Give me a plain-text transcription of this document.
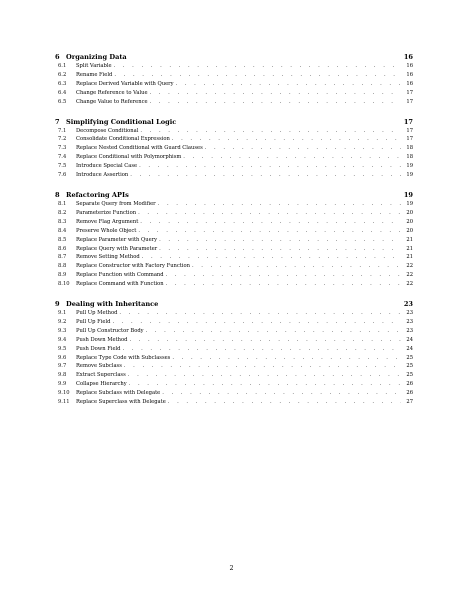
6 Organizing Data	16
6.1	Split Variable . . .	16
6.2	Rename Field . . .	16
6.3	Replace Derived Variable with Query . . .	16
6.4	Change Reference to Value . . .	17
6.5	Change Value to Reference . . .	17
7 Simplifying Conditional Logic	17
7.1	Decompose Conditional . . .	17
7.2	Consolidate Conditional Expression . . .	17
7.3	Replace Nested Conditional with Guard Clauses . . .	18
7.4	Replace Conditional with Polymorphism . . .	18
7.5	Introduce Special Case . . .	19
7.6	Introduce Assertion . . .	19
8 Refactoring APIs	19
8.1	Separate Query from Modifier . . .	19
8.2	Parameterize Function . . .	20
8.3	Remove Flag Argument . . .	20
8.4	Preserve Whole Object . . .	20
8.5	Replace Parameter with Query . . .	21
8.6	Replace Query with Parameter . . .	21
8.7	Remove Setting Method . . .	21
8.8	Replace Constructor with Factory Function . . .	22
8.9	Replace Function with Command . . .	22
8.10	Replace Command with Function . . .	22
9 Dealing with Inheritance	23
9.1	Pull Up Method . . .	23
9.2	Pull Up Field . . .	23
9.3	Pull Up Constructor Body . . .	23
9.4	Push Down Method . . .	24
9.5	Push Down Field . . .	24
9.6	Replace Type Code with Subclasses . . .	25
9.7	Remove Subclass . . .	25
9.8	Extract Superclass . . .	25
9.9	Collapse Hierarchy . . .	26
9.10	Replace Subclass with Delegate . . .	26
9.11	Replace Superclass with Delegate . . .	27
2
